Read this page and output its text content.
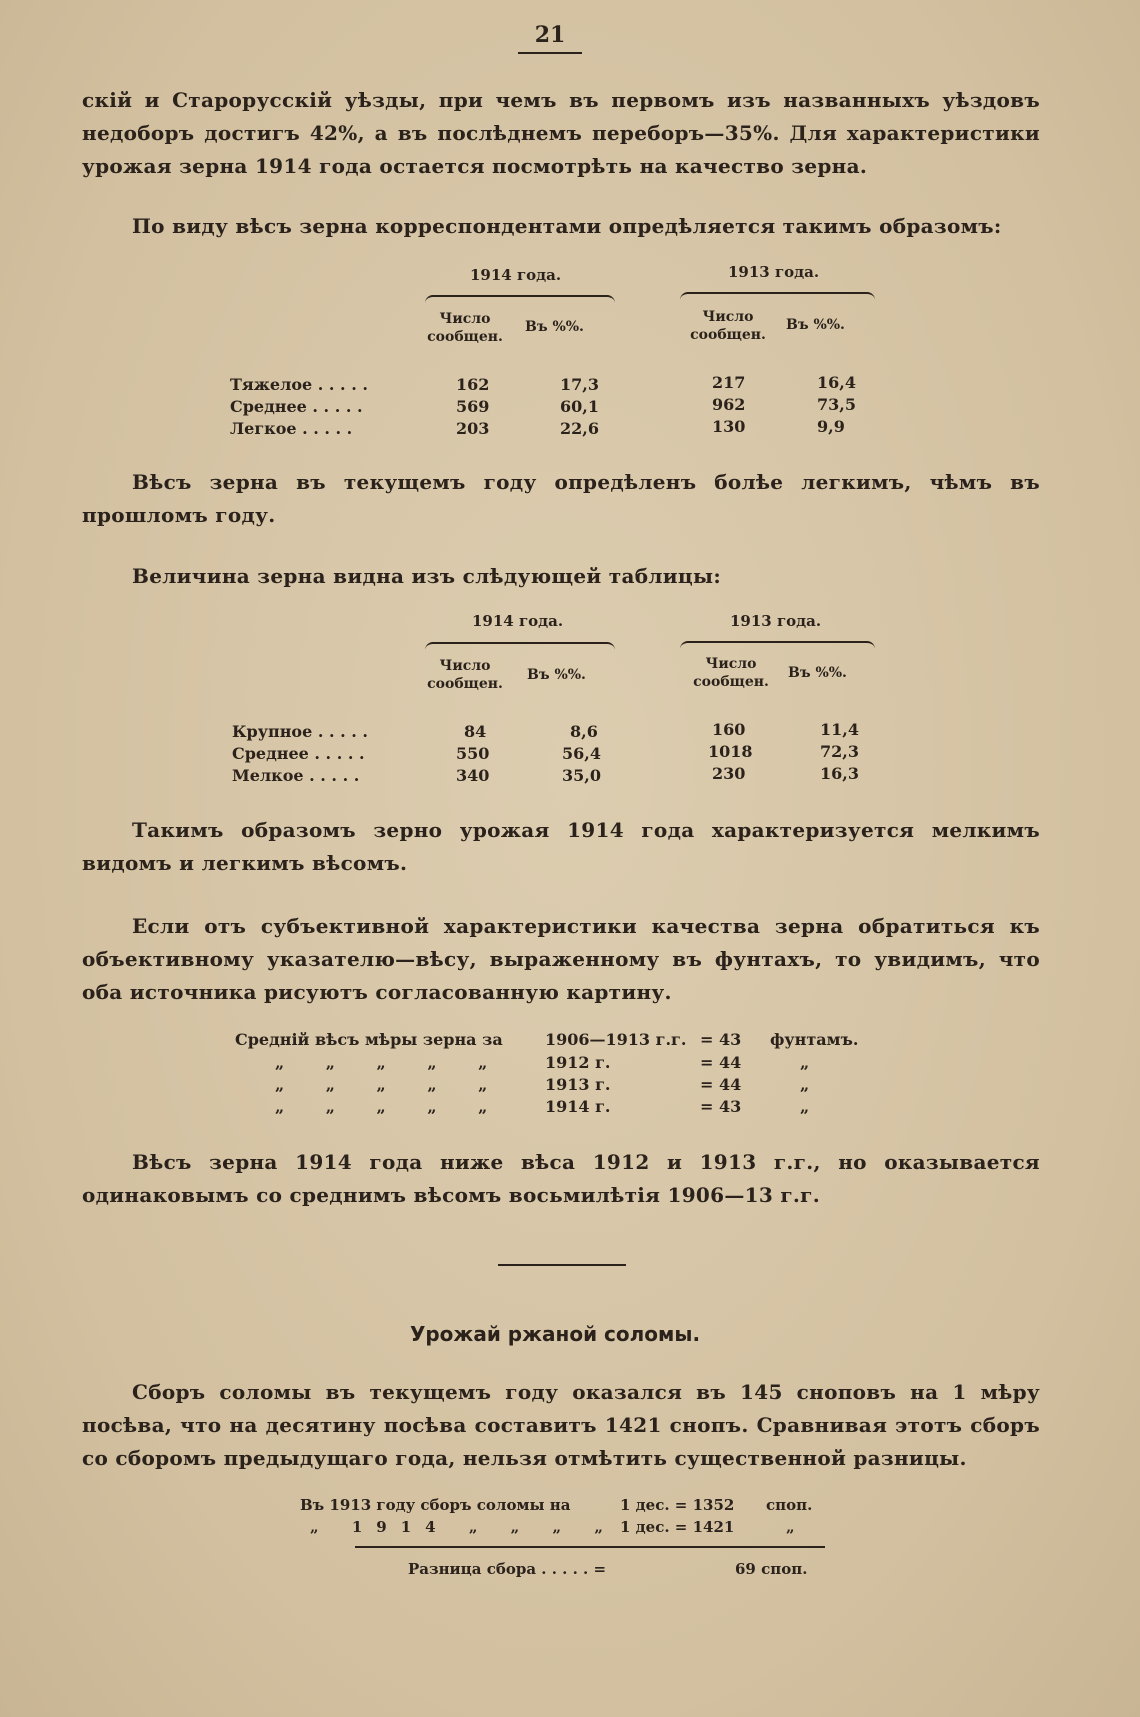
21
скій и Старорусскій уѣзды, при чемъ въ первомъ изъ названныхъ уѣздовъ недоборъ достигъ 42%, а въ послѣднемъ переборъ—35%. Для характеристики урожая зерна 1914 года остается посмотрѣть на качество зерна.
По виду вѣсъ зерна корреспондентами опредѣляется такимъ образомъ:
1914 года.	1913 года.
Число сообщен.
Въ %%.
Число сообщен.
Въ %%.
Тяжелое . . . . .	162	17,3	217	16,4
Среднее . . . . .	569	60,1	962	73,5
Легкое . . . . .	203	22,6	130	9,9
Вѣсъ зерна въ текущемъ году опредѣленъ болѣе легкимъ, чѣмъ въ прошломъ году.
Величина зерна видна изъ слѣдующей таблицы:
1914 года.	1913 года.
Число сообщен.
Въ %%.
Число сообщен.
Въ %%.
Крупное . . . . .	84	8,6	160	11,4
Среднее . . . . .	550	56,4	1018	72,3
Мелкое . . . . .	340	35,0	230	16,3
Такимъ образомъ зерно урожая 1914 года характеризуется мелкимъ видомъ и легкимъ вѣсомъ.
Если отъ субъективной характеристики качества зерна обратиться къ объективному указателю—вѣсу, выраженному въ фунтахъ, то увидимъ, что оба источника рисуютъ согласованную картину.
Средній вѣсъ мѣры зерна за	1906—1913 г.г. = 43 фунтамъ.
„ „ „ „ „ 1912 г.	= 44	„
„ „ „ „ „ 1913 г.	= 44	„
„ „ „ „ „ 1914 г.	= 43	„
Вѣсъ зерна 1914 года ниже вѣса 1912 и 1913 г.г., но оказывается одинаковымъ со среднимъ вѣсомъ восьмилѣтія 1906—13 г.г.
Урожай ржаной соломы.
Сборъ соломы въ текущемъ году оказался въ 145 сноповъ на 1 мѣру посѣва, что на десятину посѣва составитъ 1421 снопъ. Сравнивая этотъ сборъ со сборомъ предыдущаго года, нельзя отмѣтить существенной разницы.
Въ 1913 году сборъ соломы на	1 дес. = 1352 споп.
„ 1914 „ „ „ „ 1 дес. = 1421	„
Разница сбора . . . . . =	69 споп.
